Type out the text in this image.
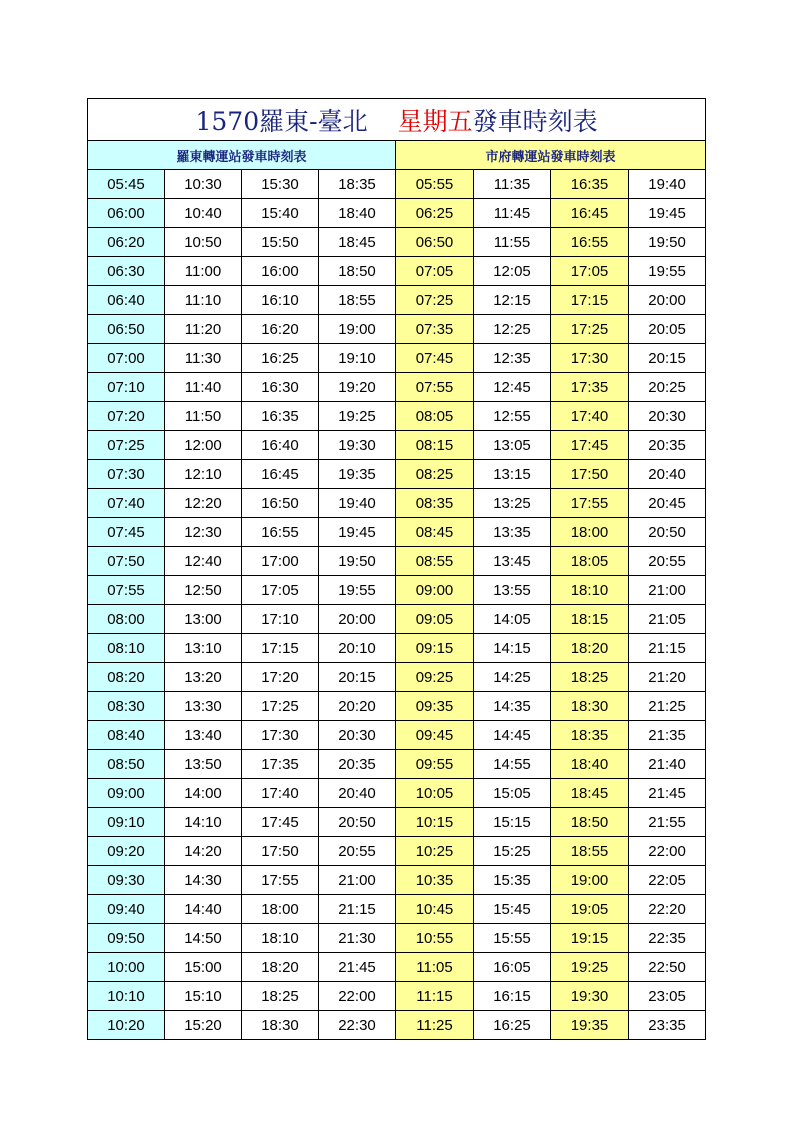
1570羅東-臺北 星期五發車時刻表							
羅東轉運站發車時刻表				市府轉運站發車時刻表			
05:45	10:30	15:30	18:35	05:55	11:35	16:35	19:40
06:00	10:40	15:40	18:40	06:25	11:45	16:45	19:45
06:20	10:50	15:50	18:45	06:50	11:55	16:55	19:50
06:30	11:00	16:00	18:50	07:05	12:05	17:05	19:55
06:40	11:10	16:10	18:55	07:25	12:15	17:15	20:00
06:50	11:20	16:20	19:00	07:35	12:25	17:25	20:05
07:00	11:30	16:25	19:10	07:45	12:35	17:30	20:15
07:10	11:40	16:30	19:20	07:55	12:45	17:35	20:25
07:20	11:50	16:35	19:25	08:05	12:55	17:40	20:30
07:25	12:00	16:40	19:30	08:15	13:05	17:45	20:35
07:30	12:10	16:45	19:35	08:25	13:15	17:50	20:40
07:40	12:20	16:50	19:40	08:35	13:25	17:55	20:45
07:45	12:30	16:55	19:45	08:45	13:35	18:00	20:50
07:50	12:40	17:00	19:50	08:55	13:45	18:05	20:55
07:55	12:50	17:05	19:55	09:00	13:55	18:10	21:00
08:00	13:00	17:10	20:00	09:05	14:05	18:15	21:05
08:10	13:10	17:15	20:10	09:15	14:15	18:20	21:15
08:20	13:20	17:20	20:15	09:25	14:25	18:25	21:20
08:30	13:30	17:25	20:20	09:35	14:35	18:30	21:25
08:40	13:40	17:30	20:30	09:45	14:45	18:35	21:35
08:50	13:50	17:35	20:35	09:55	14:55	18:40	21:40
09:00	14:00	17:40	20:40	10:05	15:05	18:45	21:45
09:10	14:10	17:45	20:50	10:15	15:15	18:50	21:55
09:20	14:20	17:50	20:55	10:25	15:25	18:55	22:00
09:30	14:30	17:55	21:00	10:35	15:35	19:00	22:05
09:40	14:40	18:00	21:15	10:45	15:45	19:05	22:20
09:50	14:50	18:10	21:30	10:55	15:55	19:15	22:35
10:00	15:00	18:20	21:45	11:05	16:05	19:25	22:50
10:10	15:10	18:25	22:00	11:15	16:15	19:30	23:05
10:20	15:20	18:30	22:30	11:25	16:25	19:35	23:35
